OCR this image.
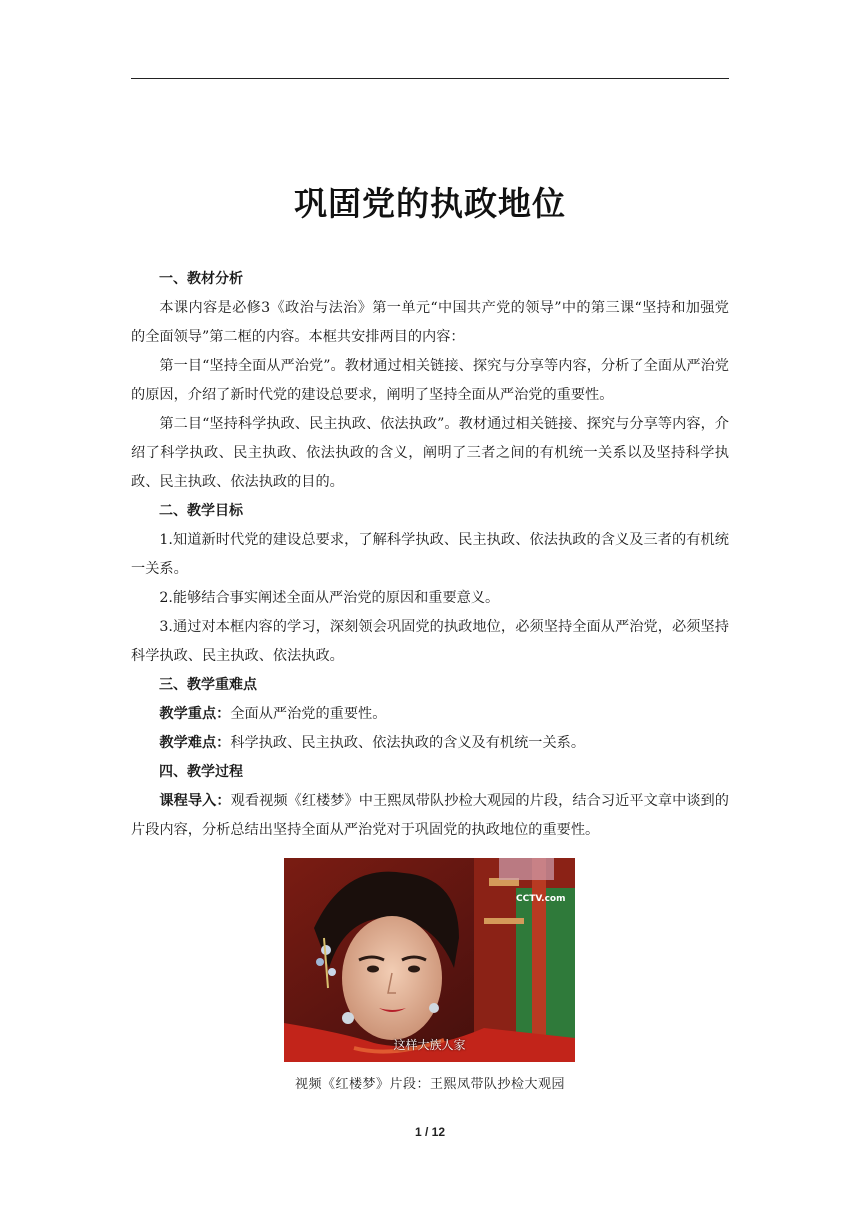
巩固党的执政地位

一、教材分析

本课内容是必修3《政治与法治》第一单元“中国共产党的领导”中的第三课“坚持和加强党的全面领导”第二框的内容。本框共安排两目的内容：

第一目“坚持全面从严治党”。教材通过相关链接、探究与分享等内容，分析了全面从严治党的原因，介绍了新时代党的建设总要求，阐明了坚持全面从严治党的重要性。

第二目“坚持科学执政、民主执政、依法执政”。教材通过相关链接、探究与分享等内容，介绍了科学执政、民主执政、依法执政的含义，阐明了三者之间的有机统一关系以及坚持科学执政、民主执政、依法执政的目的。

二、教学目标

1.知道新时代党的建设总要求，了解科学执政、民主执政、依法执政的含义及三者的有机统一关系。

2.能够结合事实阐述全面从严治党的原因和重要意义。

3.通过对本框内容的学习，深刻领会巩固党的执政地位，必须坚持全面从严治党，必须坚持科学执政、民主执政、依法执政。

三、教学重难点

教学重点：全面从严治党的重要性。

教学难点：科学执政、民主执政、依法执政的含义及有机统一关系。

四、教学过程

课程导入：观看视频《红楼梦》中王熙凤带队抄检大观园的片段，结合习近平文章中谈到的片段内容，分析总结出坚持全面从严治党对于巩固党的执政地位的重要性。

CCTV.com
这样大族人家
视频《红楼梦》片段：王熙凤带队抄检大观园
1 / 12
